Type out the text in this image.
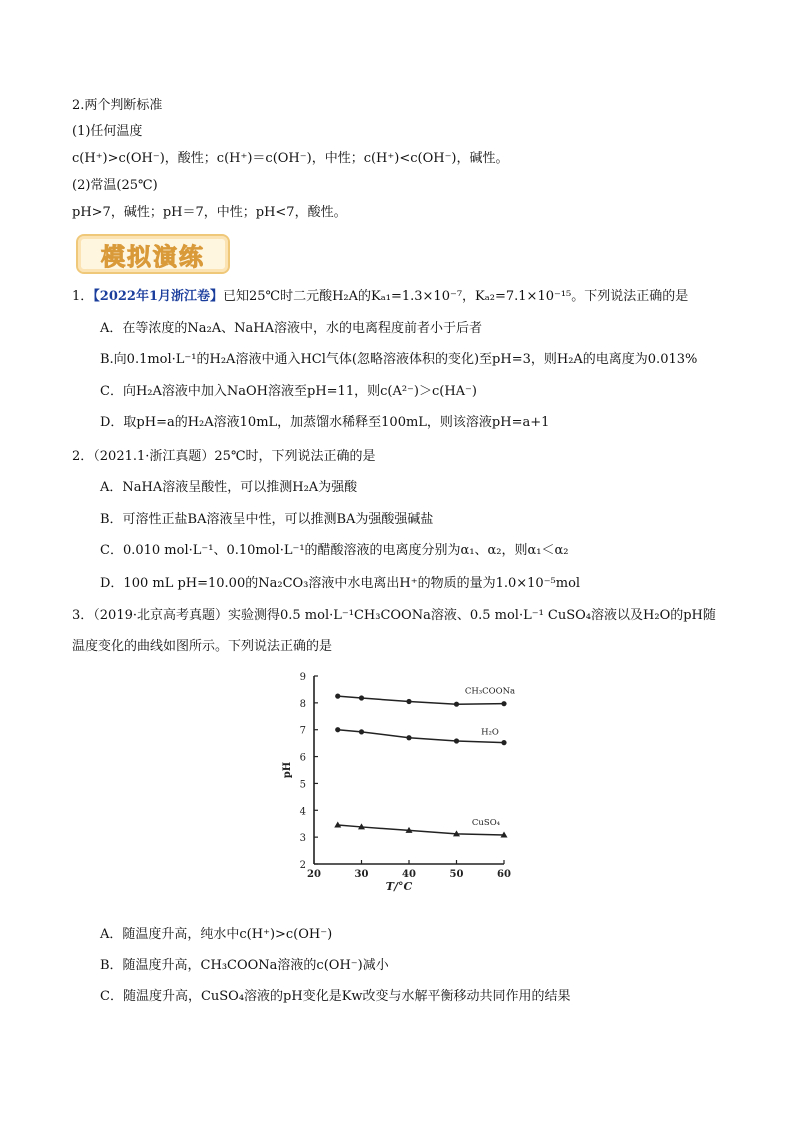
2.两个判断标准
(1)任何温度
c(H⁺)>c(OH⁻)，酸性；c(H⁺)＝c(OH⁻)，中性；c(H⁺)<c(OH⁻)，碱性。
(2)常温(25℃)
pH>7，碱性；pH＝7，中性；pH<7，酸性。
模拟演练
1．【2022年1月浙江卷】已知25℃时二元酸H₂A的Kₐ₁=1.3×10⁻⁷，Kₐ₂=7.1×10⁻¹⁵。下列说法正确的是
A．在等浓度的Na₂A、NaHA溶液中，水的电离程度前者小于后者
B.向0.1mol·L⁻¹的H₂A溶液中通入HCl气体(忽略溶液体积的变化)至pH=3，则H₂A的电离度为0.013%
C．向H₂A溶液中加入NaOH溶液至pH=11，则c(A²⁻)＞c(HA⁻)
D．取pH=a的H₂A溶液10mL，加蒸馏水稀释至100mL，则该溶液pH=a+1
2．（2021.1·浙江真题）25℃时，下列说法正确的是
A．NaHA溶液呈酸性，可以推测H₂A为强酸
B．可溶性正盐BA溶液呈中性，可以推测BA为强酸强碱盐
C．0.010 mol·L⁻¹、0.10mol·L⁻¹的醋酸溶液的电离度分别为α₁、α₂，则α₁＜α₂
D．100 mL pH=10.00的Na₂CO₃溶液中水电离出H⁺的物质的量为1.0×10⁻⁵mol
3．（2019·北京高考真题）实验测得0.5 mol·L⁻¹CH₃COONa溶液、0.5 mol·L⁻¹ CuSO₄溶液以及H₂O的pH随
温度变化的曲线如图所示。下列说法正确的是
2
3
4
5
6
7
8
9
20	30	40	50	60
pH
T/°C
CH₃COONa
H₂O
CuSO₄
A．随温度升高，纯水中c(H⁺)>c(OH⁻)
B．随温度升高，CH₃COONa溶液的c(OH⁻)减小
C．随温度升高，CuSO₄溶液的pH变化是Kw改变与水解平衡移动共同作用的结果
